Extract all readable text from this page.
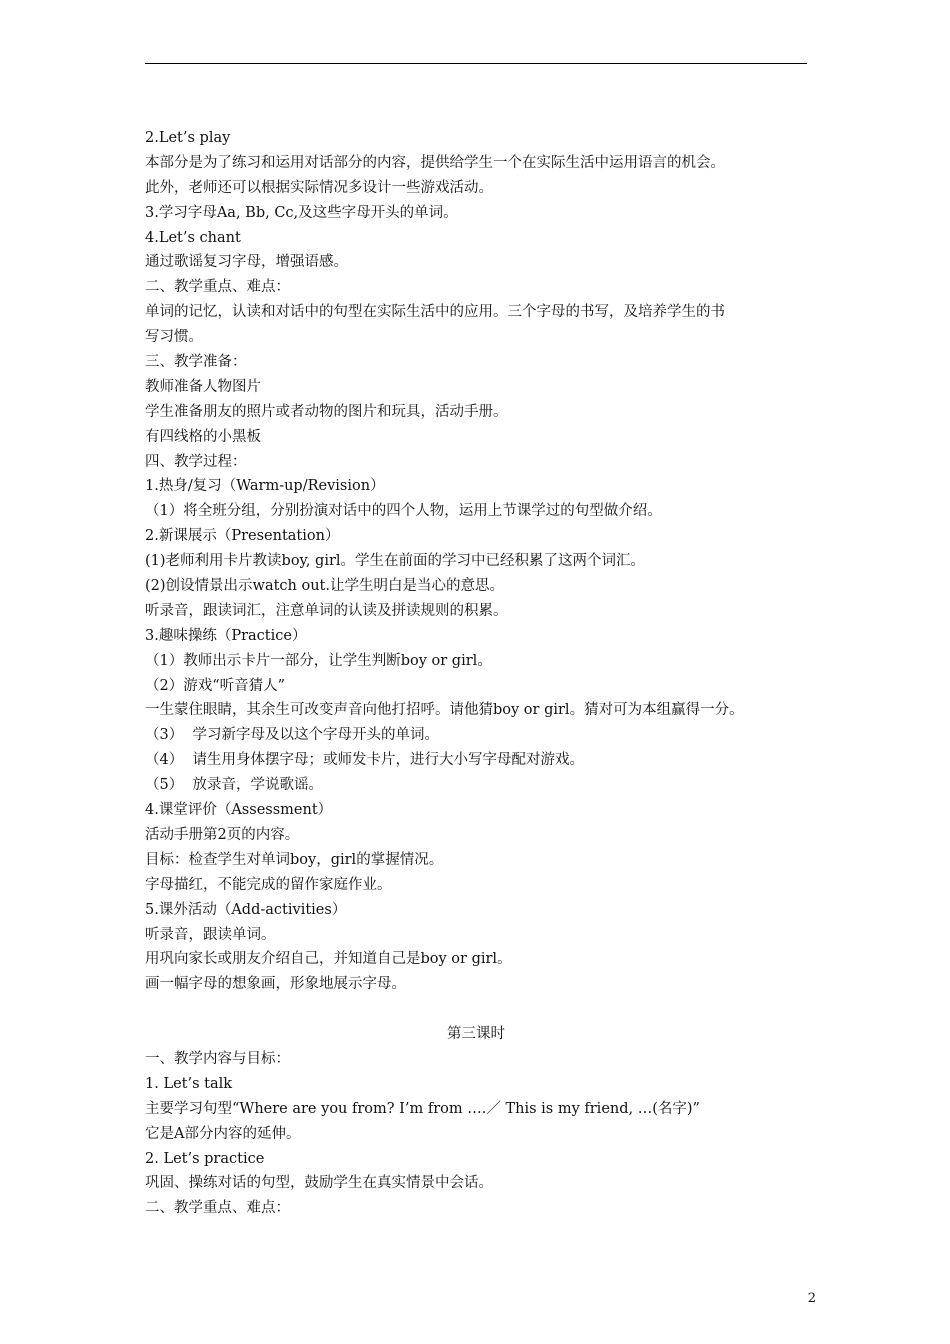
2.Let’s play
本部分是为了练习和运用对话部分的内容，提供给学生一个在实际生活中运用语言的机会。
此外，老师还可以根据实际情况多设计一些游戏活动。
3.学习字母Aa, Bb, Cc,及这些字母开头的单词。
4.Let’s chant
通过歌谣复习字母，增强语感。
二、教学重点、难点：
单词的记忆，认读和对话中的句型在实际生活中的应用。三个字母的书写，及培养学生的书
写习惯。
三、教学准备：
教师准备人物图片
学生准备朋友的照片或者动物的图片和玩具，活动手册。
有四线格的小黑板
四、教学过程：
1.热身/复习（Warm-up/Revision）
（1）将全班分组，分别扮演对话中的四个人物，运用上节课学过的句型做介绍。
2.新课展示（Presentation）
(1)老师利用卡片教读boy, girl。学生在前面的学习中已经积累了这两个词汇。
(2)创设情景出示watch out.让学生明白是当心的意思。
听录音，跟读词汇，注意单词的认读及拼读规则的积累。
3.趣味操练（Practice）
（1）教师出示卡片一部分，让学生判断boy or girl。
（2）游戏“听音猜人”
一生蒙住眼睛，其余生可改变声音向他打招呼。请他猜boy or girl。猜对可为本组赢得一分。
（3）  学习新字母及以这个字母开头的单词。
（4）  请生用身体摆字母；或师发卡片，进行大小写字母配对游戏。
（5）  放录音，学说歌谣。
4.课堂评价（Assessment）
活动手册第2页的内容。
目标：检查学生对单词boy，girl的掌握情况。
字母描红，不能完成的留作家庭作业。
5.课外活动（Add-activities）
听录音，跟读单词。
用巩向家长或朋友介绍自己，并知道自己是boy or girl。
画一幅字母的想象画，形象地展示字母。
第三课时
一、教学内容与目标：
1. Let’s talk
主要学习句型“Where are you from? I’m from ….／ This is my friend, …(名字)”
它是A部分内容的延伸。
2. Let’s practice
巩固、操练对话的句型，鼓励学生在真实情景中会话。
二、教学重点、难点：
2
